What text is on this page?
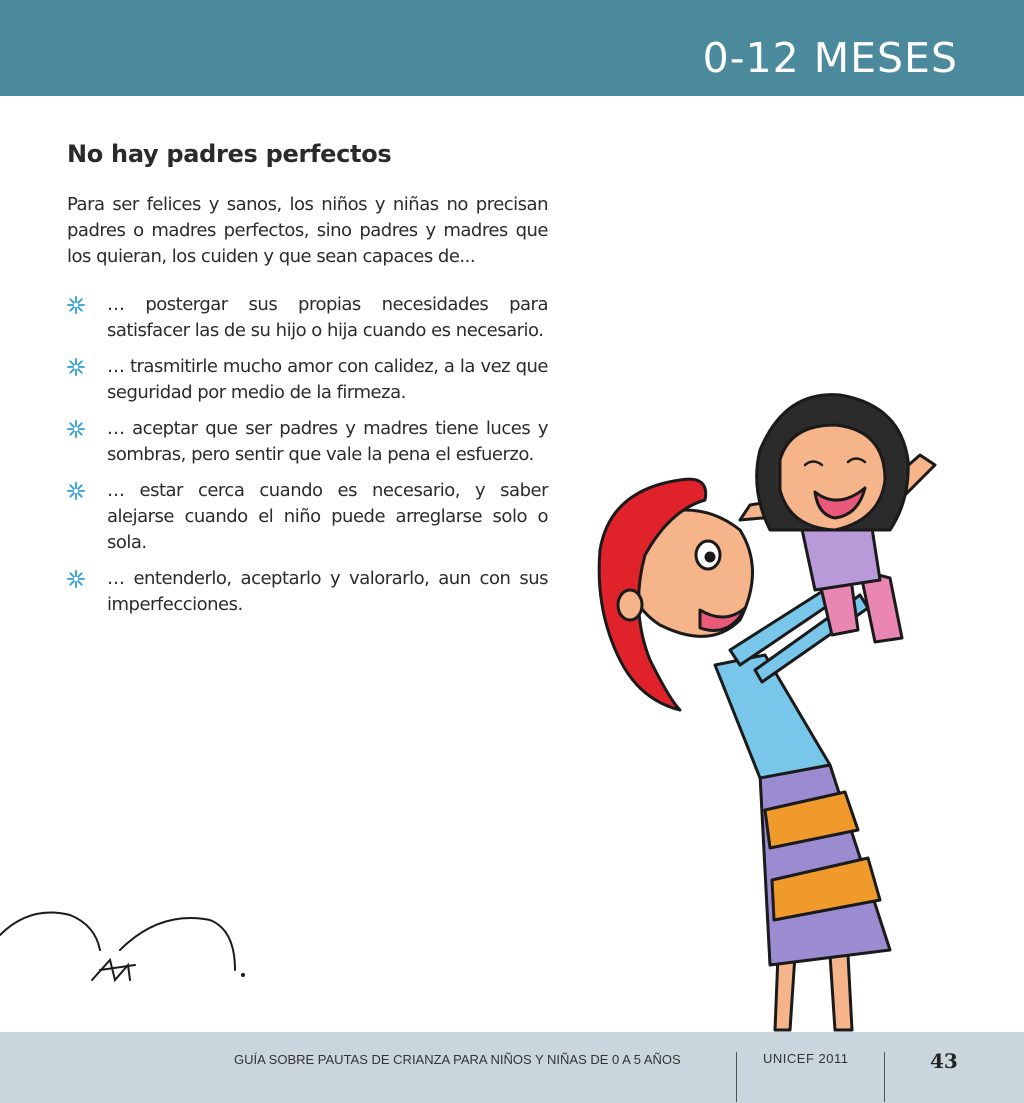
0-12 MESES
No hay padres perfectos

Para ser felices y sanos, los niños y niñas no precisan padres o madres perfectos, sino padres y madres que los quieran, los cuiden y que sean capaces de...

… postergar sus propias necesidades para satisfacer las de su hijo o hija cuando es necesario.
… trasmitirle mucho amor con calidez, a la vez que seguridad por medio de la firmeza.
… aceptar que ser padres y madres tiene luces y sombras, pero sentir que vale la pena el esfuerzo.
… estar cerca cuando es necesario, y saber alejarse cuando el niño puede arreglarse solo o sola.
… entenderlo, aceptarlo y valorarlo, aun con sus imperfecciones.
GUÍA SOBRE PAUTAS DE CRIANZA PARA NIÑOS Y NIÑAS DE 0 A 5 AÑOS	UNICEF 2011	43
